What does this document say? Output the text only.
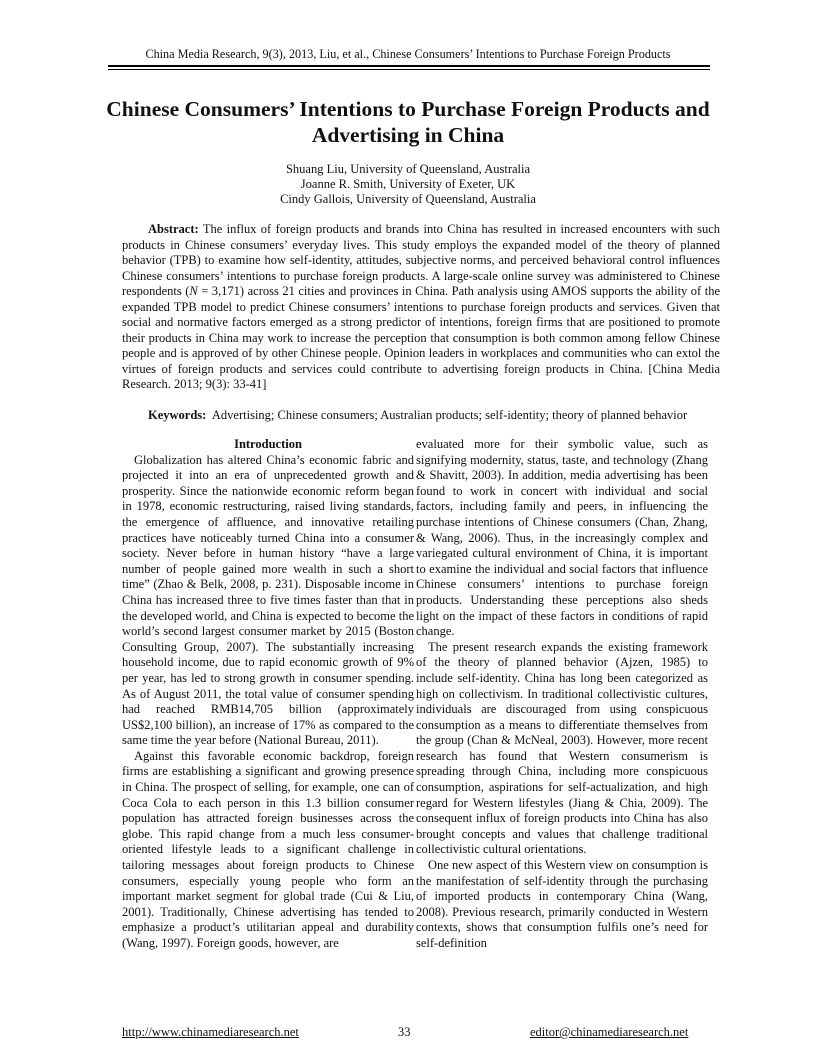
China Media Research, 9(3), 2013, Liu, et al., Chinese Consumers’ Intentions to Purchase Foreign Products
Chinese Consumers’ Intentions to Purchase Foreign Products and Advertising in China
Shuang Liu, University of Queensland, Australia
Joanne R. Smith, University of Exeter, UK
Cindy Gallois, University of Queensland, Australia

Abstract: The influx of foreign products and brands into China has resulted in increased encounters with such products in Chinese consumers’ everyday lives. This study employs the expanded model of the theory of planned behavior (TPB) to examine how self-identity, attitudes, subjective norms, and perceived behavioral control influences Chinese consumers’ intentions to purchase foreign products. A large-scale online survey was administered to Chinese respondents (N = 3,171) across 21 cities and provinces in China. Path analysis using AMOS supports the ability of the expanded TPB model to predict Chinese consumers’ intentions to purchase foreign products and services. Given that social and normative factors emerged as a strong predictor of intentions, foreign firms that are positioned to promote their products in China may work to increase the perception that consumption is both common among fellow Chinese people and is approved of by other Chinese people. Opinion leaders in workplaces and communities who can extol the virtues of foreign products and services could contribute to advertising foreign products in China. [China Media Research. 2013; 9(3): 33-41]

Keywords: Advertising; Chinese consumers; Australian products; self-identity; theory of planned behavior

Introduction

Globalization has altered China’s economic fabric and projected it into an era of unprecedented growth and prosperity. Since the nationwide economic reform began in 1978, economic restructuring, raised living standards, the emergence of affluence, and innovative retailing practices have noticeably turned China into a consumer society. Never before in human history “have a large number of people gained more wealth in such a short time” (Zhao & Belk, 2008, p. 231). Disposable income in China has increased three to five times faster than that in the developed world, and China is expected to become the world’s second largest consumer market by 2015 (Boston Consulting Group, 2007). The substantially increasing household income, due to rapid economic growth of 9% per year, has led to strong growth in consumer spending. As of August 2011, the total value of consumer spending had reached RMB14,705 billion (approximately US$2,100 billion), an increase of 17% as compared to the same time the year before (National Bureau, 2011).

Against this favorable economic backdrop, foreign firms are establishing a significant and growing presence in China. The prospect of selling, for example, one can of Coca Cola to each person in this 1.3 billion consumer population has attracted foreign businesses across the globe. This rapid change from a much less consumer-oriented lifestyle leads to a significant challenge in tailoring messages about foreign products to Chinese consumers, especially young people who form an important market segment for global trade (Cui & Liu, 2001). Traditionally, Chinese advertising has tended to emphasize a product’s utilitarian appeal and durability (Wang, 1997). Foreign goods, however, are

evaluated more for their symbolic value, such as signifying modernity, status, taste, and technology (Zhang & Shavitt, 2003). In addition, media advertising has been found to work in concert with individual and social factors, including family and peers, in influencing the purchase intentions of Chinese consumers (Chan, Zhang, & Wang, 2006). Thus, in the increasingly complex and variegated cultural environment of China, it is important to examine the individual and social factors that influence Chinese consumers’ intentions to purchase foreign products. Understanding these perceptions also sheds light on the impact of these factors in conditions of rapid change.

The present research expands the existing framework of the theory of planned behavior (Ajzen, 1985) to include self-identity. China has long been categorized as high on collectivism. In traditional collectivistic cultures, individuals are discouraged from using conspicuous consumption as a means to differentiate themselves from the group (Chan & McNeal, 2003). However, more recent research has found that Western consumerism is spreading through China, including more conspicuous consumption, aspirations for self-actualization, and high regard for Western lifestyles (Jiang & Chia, 2009). The consequent influx of foreign products into China has also brought concepts and values that challenge traditional collectivistic cultural orientations.

One new aspect of this Western view on consumption is the manifestation of self-identity through the purchasing of imported products in contemporary China (Wang, 2008). Previous research, primarily conducted in Western contexts, shows that consumption fulfils one’s need for self-definition

http://www.chinamediaresearch.net	33	editor@chinamediaresearch.net
